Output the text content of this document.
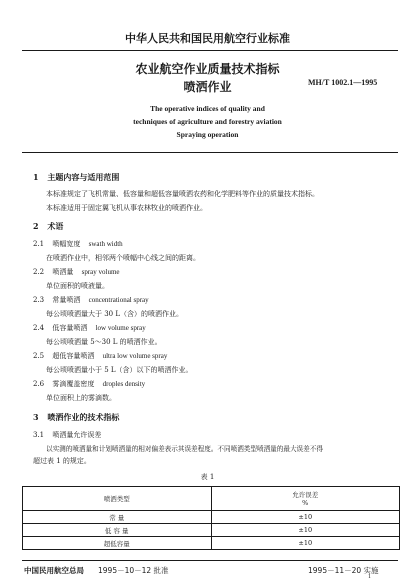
中华人民共和国民用航空行业标准
农业航空作业质量技术指标
喷洒作业	MH/T 1002.1—1995
The operative indices of quality and
techniques of agriculture and forestry aviation
Spraying operation
1 主题内容与适用范围
本标准规定了飞机常量、低容量和超低容量喷洒农药和化学肥料等作业的质量技术指标。
本标准适用于固定翼飞机从事农林牧业的喷洒作业。
2 术语
2.1 喷幅宽度 swath width
在喷洒作业中，相邻两个喷幅中心线之间的距离。
2.2 喷洒量 spray volume
单位面积的喷液量。
2.3 常量喷洒 concentrational spray
每公顷喷洒量大于 30 L（含）的喷洒作业。
2.4 低容量喷洒 low volume spray
每公顷喷洒量 5～30 L 的喷洒作业。
2.5 超低容量喷洒 ultra low volume spray
每公顷喷洒量小于 5 L（含）以下的喷洒作业。
2.6 雾滴覆盖密度 droples density
单位面积上的雾滴数。
3 喷洒作业的技术指标
3.1 喷洒量允许误差
以实测的喷洒量和计划喷洒量的相对偏差表示其误差程度。不同喷洒类型喷洒量的最大误差不得
超过表 1 的规定。
表 1
喷洒类型	允许误差
%

常 量	±10
低 容 量	±10
超低容量	±10
中国民用航空总局 1995－10－12 批准	1995－11－20 实施
1
